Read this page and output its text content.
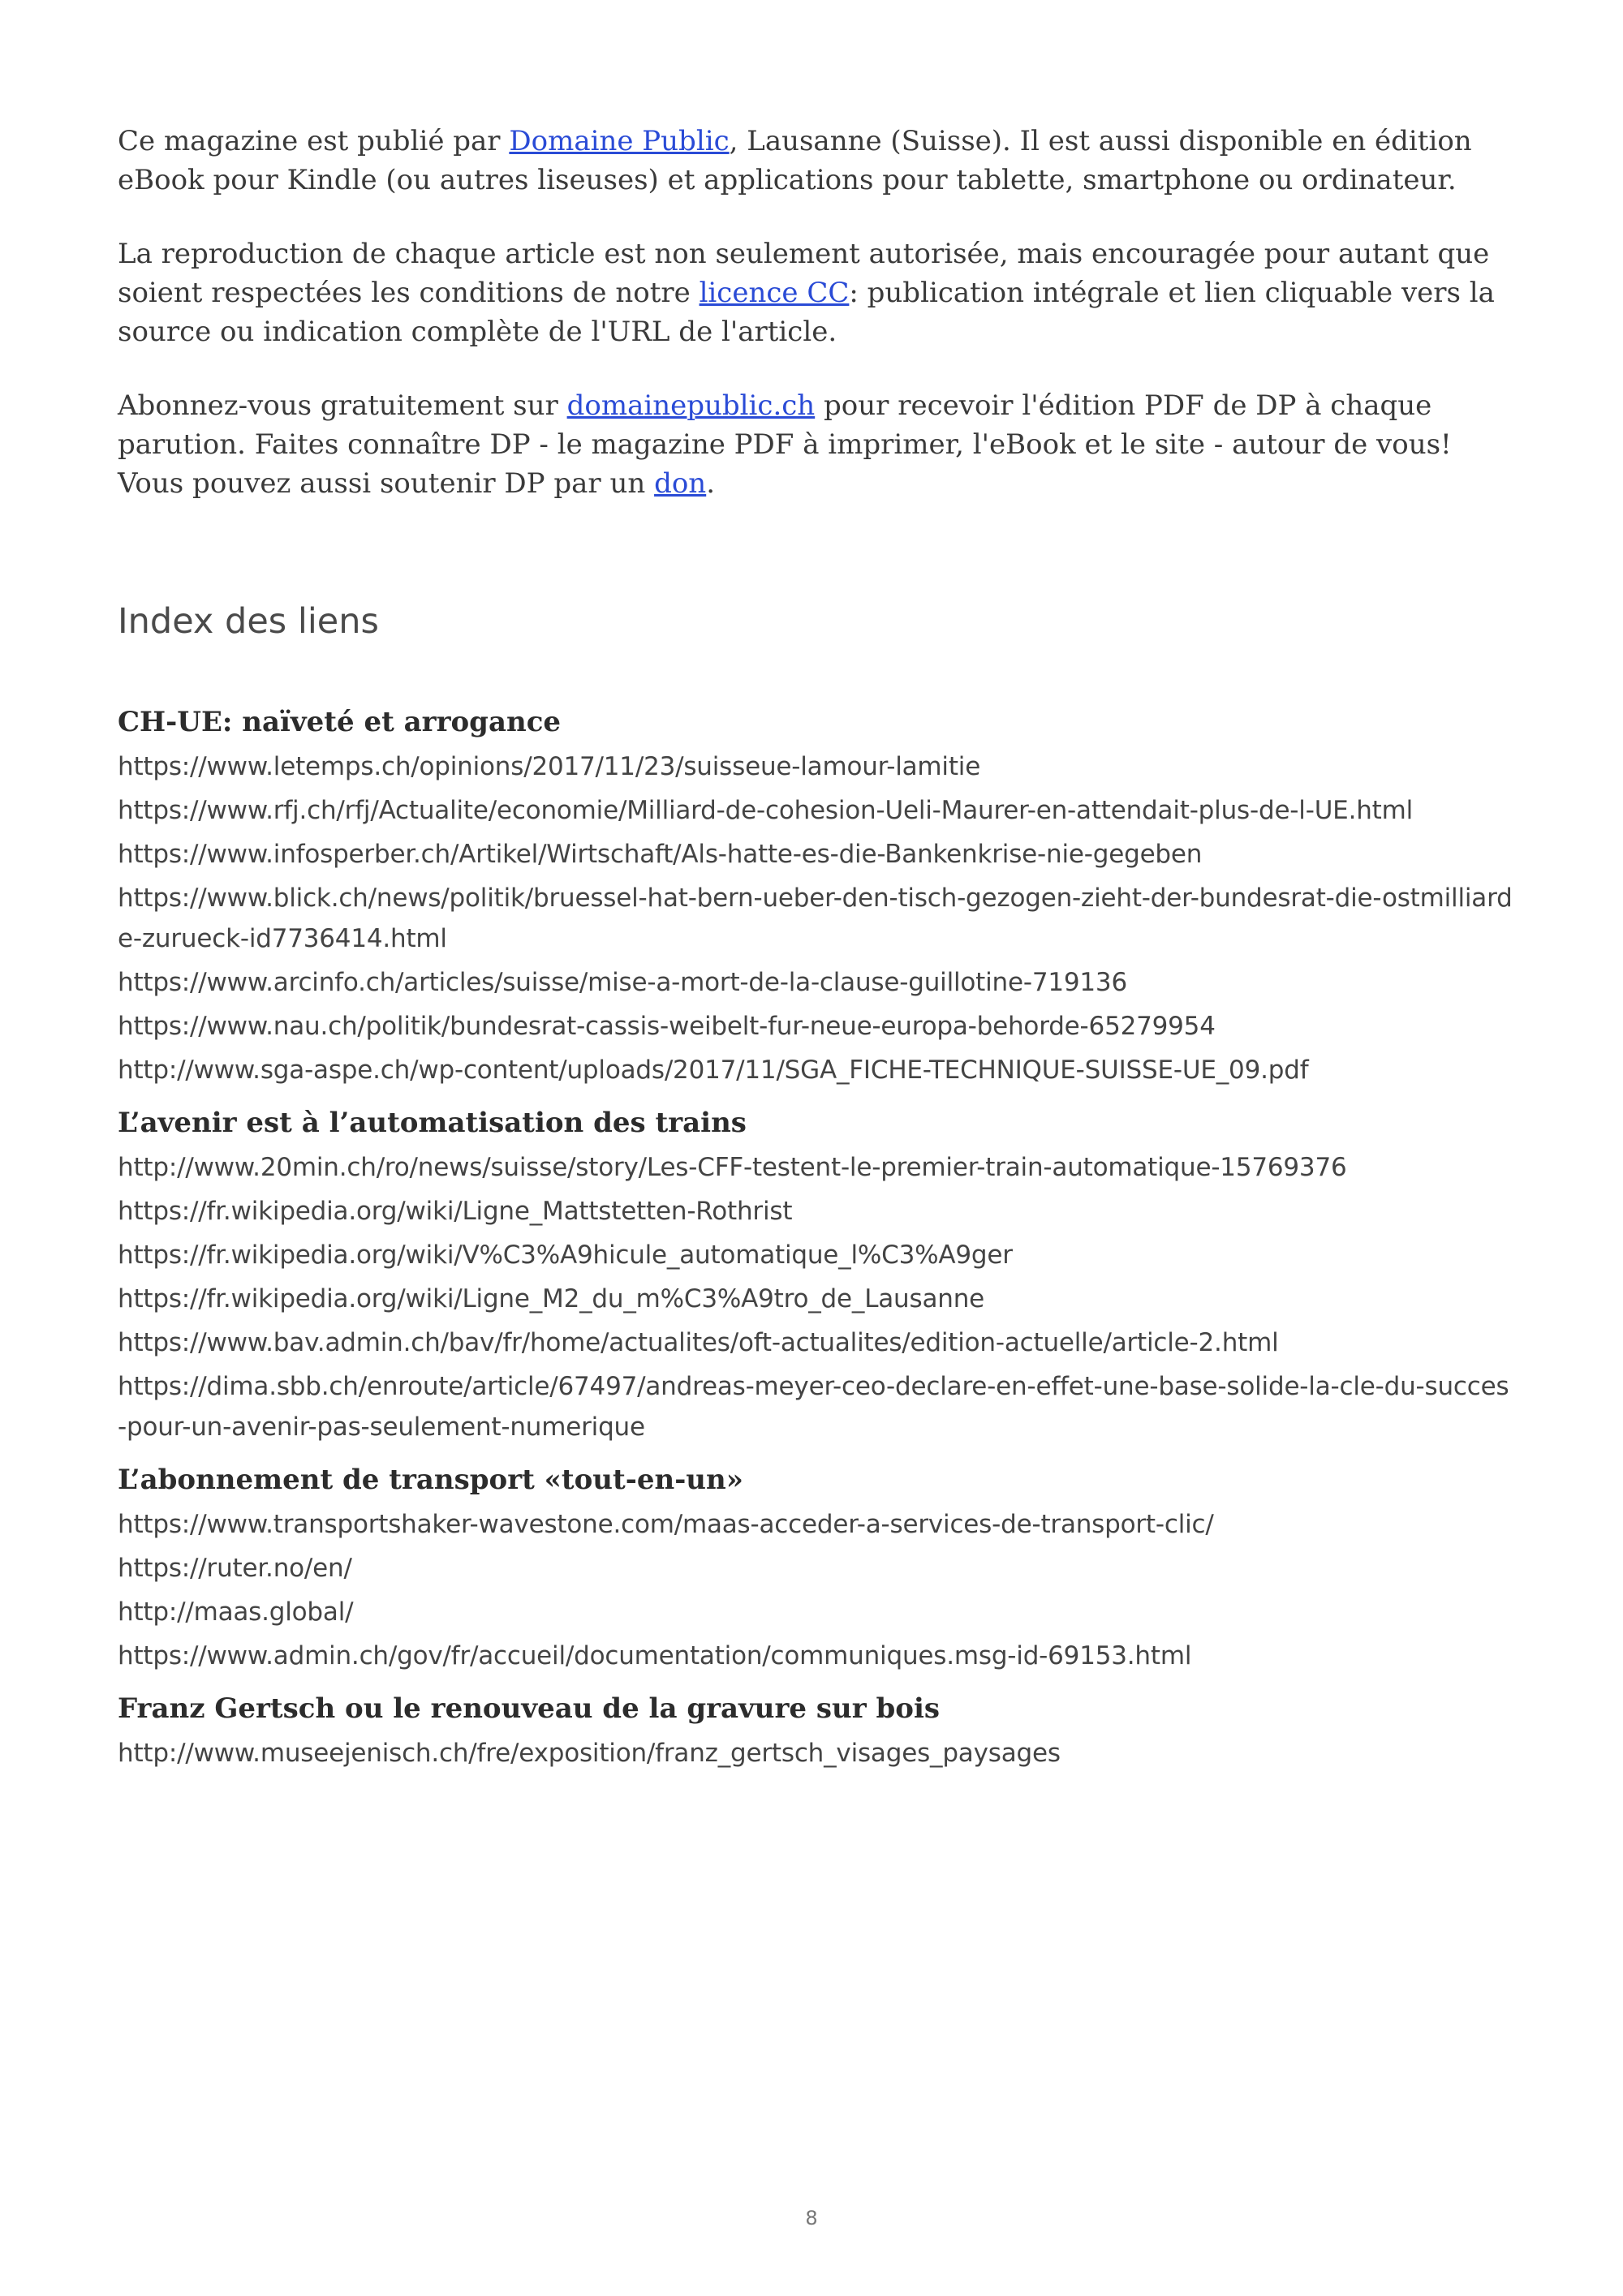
Ce magazine est publié par Domaine Public, Lausanne (Suisse). Il est aussi disponible en édition eBook pour Kindle (ou autres liseuses) et applications pour tablette, smartphone ou ordinateur.

La reproduction de chaque article est non seulement autorisée, mais encouragée pour autant que soient respectées les conditions de notre licence CC: publication intégrale et lien cliquable vers la source ou indication complète de l'URL de l'article.

Abonnez-vous gratuitement sur domainepublic.ch pour recevoir l'édition PDF de DP à chaque parution. Faites connaître DP - le magazine PDF à imprimer, l'eBook et le site - autour de vous! Vous pouvez aussi soutenir DP par un don.

Index des liens
CH-UE: naïveté et arrogance
https://www.letemps.ch/opinions/2017/11/23/suisseue-lamour-lamitie
https://www.rfj.ch/rfj/Actualite/economie/Milliard-de-cohesion-Ueli-Maurer-en-attendait-plus-de-l-UE.html
https://www.infosperber.ch/Artikel/Wirtschaft/Als-hatte-es-die-Bankenkrise-nie-gegeben
https://www.blick.ch/news/politik/bruessel-hat-bern-ueber-den-tisch-gezogen-zieht-der-bundesrat-die-ostmilliarde-zurueck-id7736414.html
https://www.arcinfo.ch/articles/suisse/mise-a-mort-de-la-clause-guillotine-719136
https://www.nau.ch/politik/bundesrat-cassis-weibelt-fur-neue-europa-behorde-65279954
http://www.sga-aspe.ch/wp-content/uploads/2017/11/SGA_FICHE-TECHNIQUE-SUISSE-UE_09.pdf
L’avenir est à l’automatisation des trains
http://www.20min.ch/ro/news/suisse/story/Les-CFF-testent-le-premier-train-automatique-15769376
https://fr.wikipedia.org/wiki/Ligne_Mattstetten-Rothrist
https://fr.wikipedia.org/wiki/V%C3%A9hicule_automatique_l%C3%A9ger
https://fr.wikipedia.org/wiki/Ligne_M2_du_m%C3%A9tro_de_Lausanne
https://www.bav.admin.ch/bav/fr/home/actualites/oft-actualites/edition-actuelle/article-2.html
https://dima.sbb.ch/enroute/article/67497/andreas-meyer-ceo-declare-en-effet-une-base-solide-la-cle-du-succes-pour-un-avenir-pas-seulement-numerique
L’abonnement de transport «tout-en-un»
https://www.transportshaker-wavestone.com/maas-acceder-a-services-de-transport-clic/
https://ruter.no/en/
http://maas.global/
https://www.admin.ch/gov/fr/accueil/documentation/communiques.msg-id-69153.html
Franz Gertsch ou le renouveau de la gravure sur bois
http://www.museejenisch.ch/fre/exposition/franz_gertsch_visages_paysages
8
